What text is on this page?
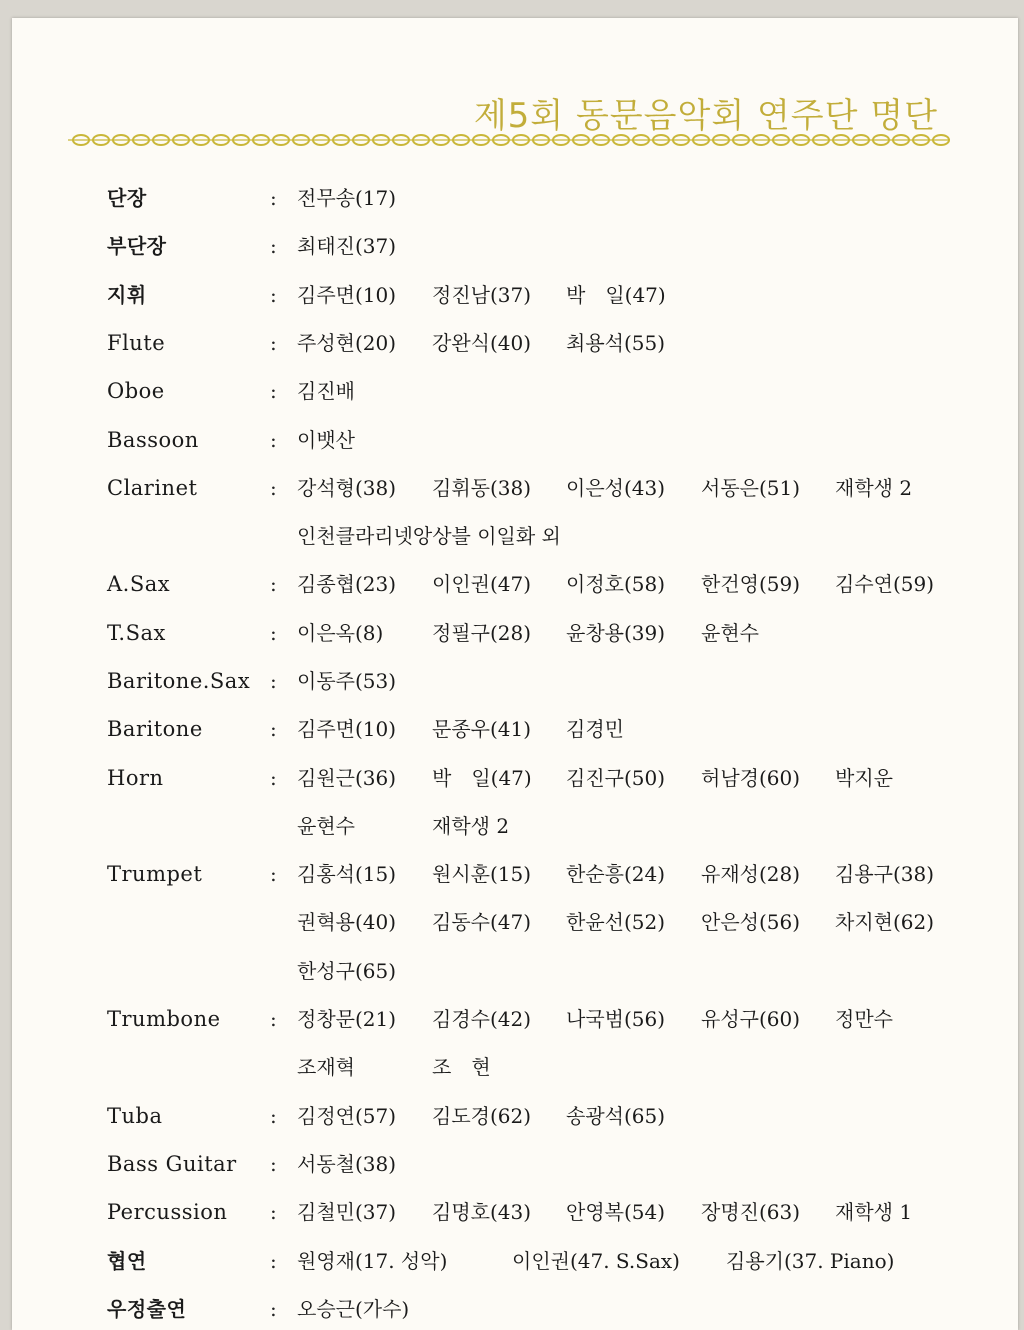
제5회 동문음악회 연주단 명단
단장	: 전무송(17)
부단장	: 최태진(37)
지휘	: 김주면(10) 정진남(37) 박　일(47)
Flute	: 주성현(20) 강완식(40) 최용석(55)
Oboe	: 김진배
Bassoon	: 이뱃산
Clarinet	: 강석형(38) 김휘동(38) 이은성(43) 서동은(51) 재학생 2
인천클라리넷앙상블 이일화 외
A.Sax	: 김종협(23) 이인권(47) 이정호(58) 한건영(59) 김수연(59)
T.Sax	: 이은옥(8) 정필구(28) 윤창용(39) 윤현수
Baritone.Sax : 이동주(53)
Baritone	: 김주면(10) 문종우(41) 김경민
Horn	: 김원근(36) 박　일(47) 김진구(50) 허남경(60) 박지운
윤현수	재학생 2
Trumpet	: 김홍석(15) 원시훈(15) 한순흥(24) 유재성(28) 김용구(38)
권혁용(40) 김동수(47) 한윤선(52) 안은성(56) 차지현(62)
한성구(65)
Trumbone : 정창문(21) 김경수(42) 나국범(56) 유성구(60) 정만수
조재혁	조　현
Tuba	: 김정연(57) 김도경(62) 송광석(65)
Bass Guitar : 서동철(38)
Percussion : 김철민(37) 김명호(43) 안영복(54) 장명진(63) 재학생 1
협연	: 원영재(17. 성악)	이인권(47. S.Sax) 김용기(37. Piano)
우정출연	: 오승근(가수)
